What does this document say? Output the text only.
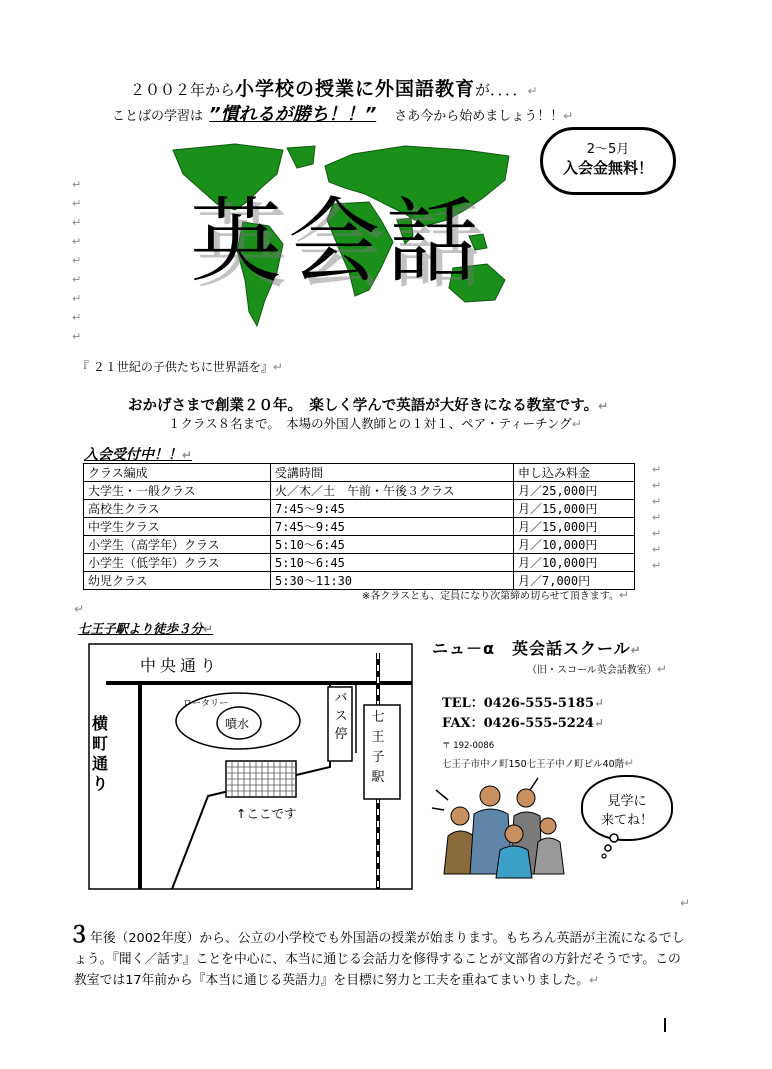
２００２年から小学校の授業に外国語教育が．．．．↵
ことばの学習は ”慣れるが勝ち！！” さあ今から始めましょう！！↵
英会話
2～5月
入会金無料！
↵
↵
↵
↵
↵
↵
↵
↵
↵
『 ２１世紀の子供たちに世界語を』↵
おかげさまで創業２０年。　楽しく学んで英語が大好きになる教室です。↵
１クラス８名まで。　本場の外国人教師との１対１、ペア・ティーチング↵
入会受付中！！↵
クラス編成	受講時間	申し込み料金
大学生・一般クラス	火／木／土　午前・午後３クラス	月／25,000円
高校生クラス	7:45～9:45	月／15,000円
中学生クラス	7:45～9:45	月／15,000円
小学生（高学年）クラス	5:10～6:45	月／10,000円
小学生（低学年）クラス	5:10～6:45	月／10,000円
幼児クラス	5:30～11:30	月／7,000円
↵
↵
↵
↵
↵
↵
↵
※各クラスとも、定員になり次第締め切らせて頂きます。↵
↵
七王子駅より徒歩３分↵
中央通り
横
町
通
り
ロータリー
噴水
バ
ス
停
七
王
子
駅
↑ここです
ニュ－α　英会話スクール↵
（旧・スコール英会話教室）↵
TEL：0426-555-5185↵
FAX：0426-555-5224↵
〒 192-0086
七王子市中ノ町150七王子中ノ町ビル40階↵
見学に
来てね！
↵
３年後（2002年度）から、公立の小学校でも外国語の授業が始まります。もちろん英語が主流になるでしょう。『聞く／話す』ことを中心に、本当に通じる会話力を修得することが文部省の方針だそうです。この教室では17年前から『本当に通じる英語力』を目標に努力と工夫を重ねてまいりました。↵
